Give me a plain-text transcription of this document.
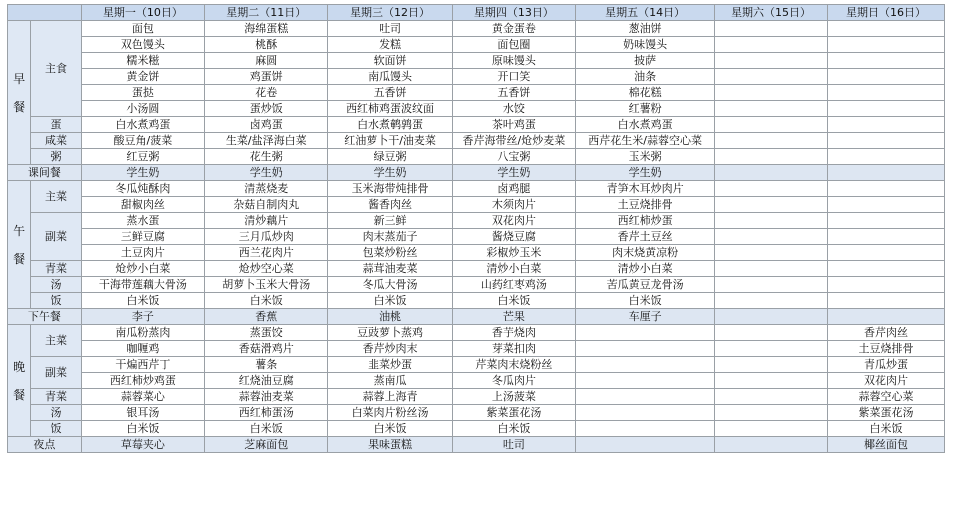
		星期一（10日）	星期二（11日）	星期三（12日）	星期四（13日）	星期五（14日）	星期六（15日）	星期日（16日）

早
餐	主食	面包	海绵蛋糕	吐司	黄金蛋卷	葱油饼		
		双色馒头	桃酥	发糕	面包圈	奶味馒头		
		糯米糍	麻圆	软面饼	原味馒头	披萨		
		黄金饼	鸡蛋饼	南瓜馒头	开口笑	油条		
		蛋挞	花卷	五香饼	五香饼	棉花糕		
		小汤圆	蛋炒饭	西红柿鸡蛋波纹面	水饺	红薯粉		
	蛋	白水煮鸡蛋	卤鸡蛋	白水煮鹌鹑蛋	茶叶鸡蛋	白水煮鸡蛋		
	咸菜	酸豆角/菠菜	生菜/盐泽海白菜	红油萝卜干/油麦菜	香芹海带丝/炝炒麦菜	西芹花生米/蒜蓉空心菜		
	粥	红豆粥	花生粥	绿豆粥	八宝粥	玉米粥		
课间餐		学生奶	学生奶	学生奶	学生奶	学生奶		

午
餐	主菜	冬瓜炖酥肉	清蒸烧麦	玉米海带炖排骨	卤鸡腿	青笋木耳炒肉片		
		甜椒肉丝	杂菇自制肉丸	酱香肉丝	木须肉片	土豆烧排骨		
	副菜	蒸水蛋	清炒藕片	新三鲜	双花肉片	西红柿炒蛋		
		三鲜豆腐	三月瓜炒肉	肉末蒸茄子	酱烧豆腐	香芹土豆丝		
		土豆肉片	西兰花肉片	包菜炒粉丝	彩椒炒玉米	肉末烧黄凉粉		
	青菜	炝炒小白菜	炝炒空心菜	蒜茸油麦菜	清炒小白菜	清炒小白菜		
	汤	干海带莲藕大骨汤	胡萝卜玉米大骨汤	冬瓜大骨汤	山药红枣鸡汤	苦瓜黄豆龙骨汤		
	饭	白米饭	白米饭	白米饭	白米饭	白米饭		
下午餐		李子	香蕉	油桃	芒果	车厘子		

晚
餐	主菜	南瓜粉蒸肉	蒸蛋饺	豆豉萝卜蒸鸡	香芋烧肉			香芹肉丝
		咖喱鸡	香菇滑鸡片	香芹炒肉末	芽菜扣肉			土豆烧排骨
	副菜	干煸西芹丁	薯条	韭菜炒蛋	芹菜肉末烧粉丝			青瓜炒蛋
		西红柿炒鸡蛋	红烧油豆腐	蒸南瓜	冬瓜肉片			双花肉片
	青菜	蒜蓉菜心	蒜蓉油麦菜	蒜蓉上海青	上汤菠菜			蒜蓉空心菜
	汤	银耳汤	西红柿蛋汤	白菜肉片粉丝汤	紫菜蛋花汤			紫菜蛋花汤
	饭	白米饭	白米饭	白米饭	白米饭			白米饭
夜点		草莓夹心	芝麻面包	果味蛋糕	吐司			椰丝面包
